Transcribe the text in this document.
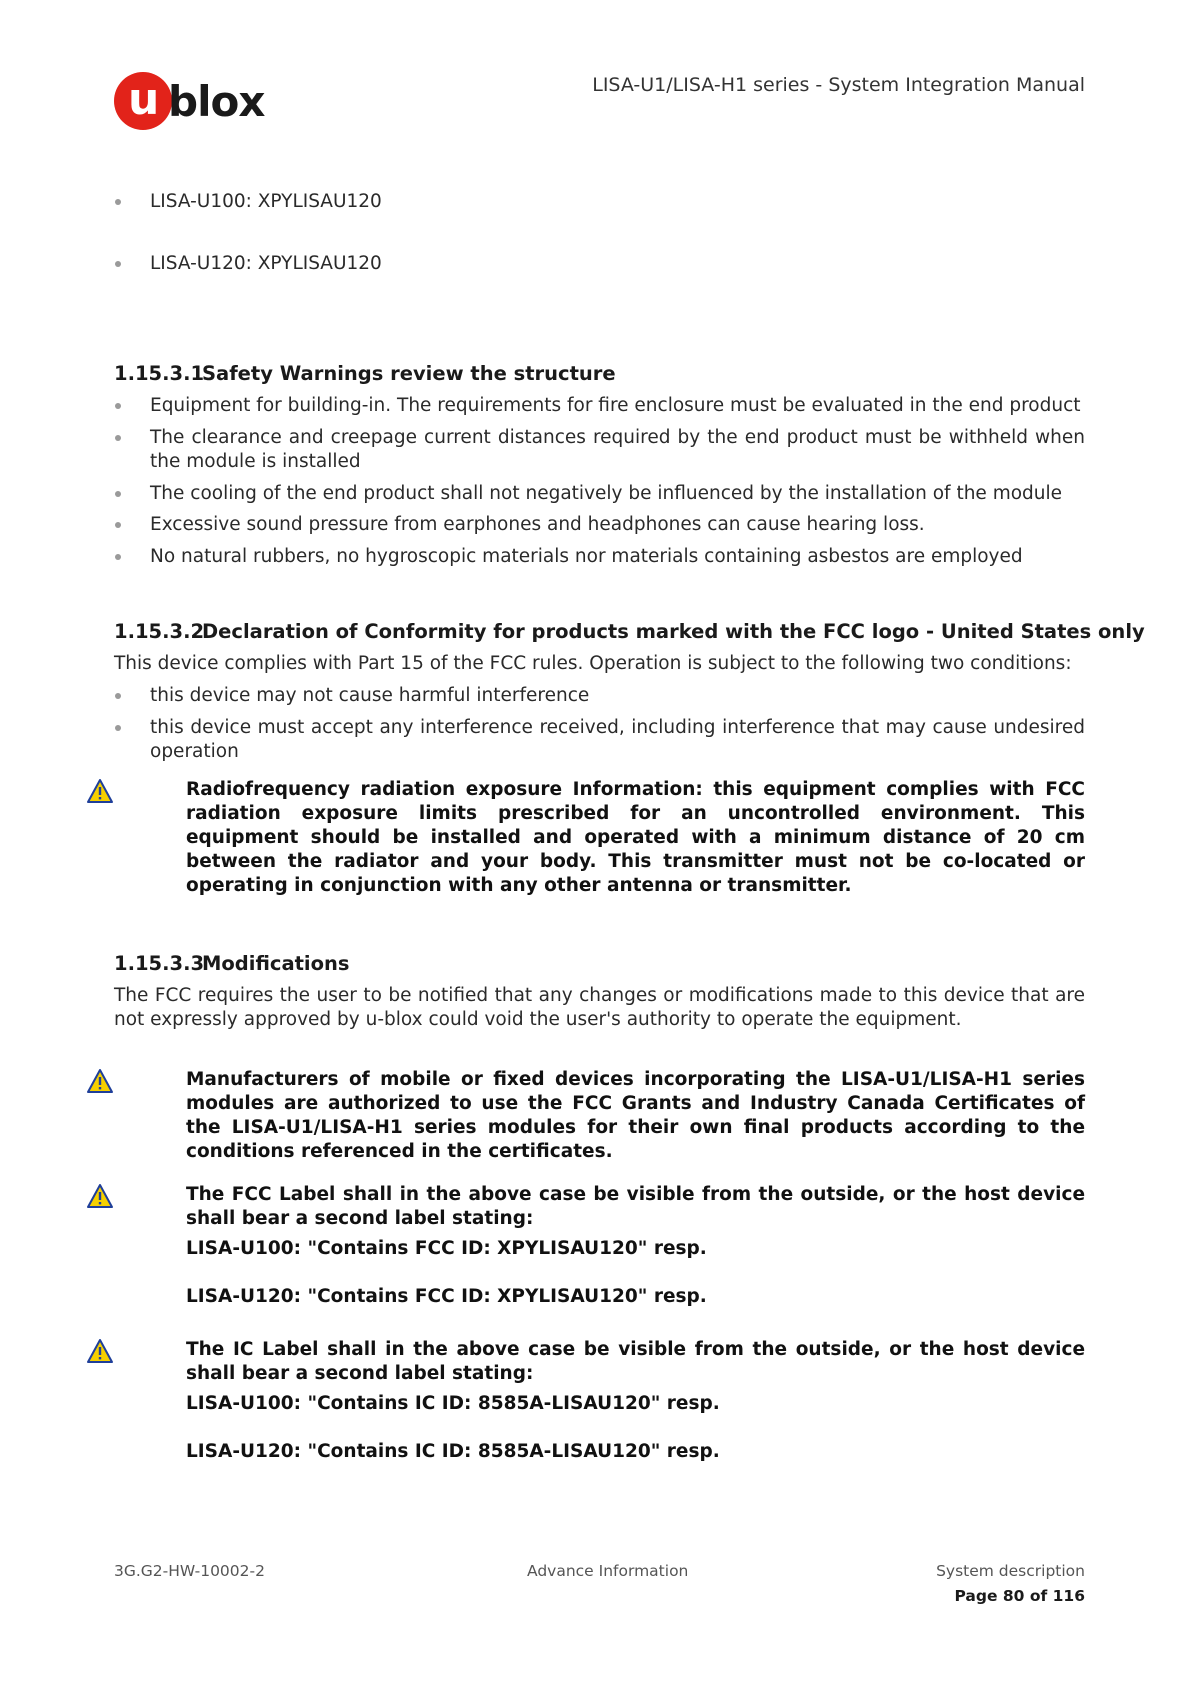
u blox	LISA-U1/LISA-H1 series - System Integration Manual
LISA-U100: XPYLISAU120
LISA-U120: XPYLISAU120
1.15.3.1Safety Warnings review the structure
Equipment for building-in. The requirements for fire enclosure must be evaluated in the end product
The clearance and creepage current distances required by the end product must be withheld when the module is installed
The cooling of the end product shall not negatively be influenced by the installation of the module
Excessive sound pressure from earphones and headphones can cause hearing loss.
No natural rubbers, no hygroscopic materials nor materials containing asbestos are employed
1.15.3.2Declaration of Conformity for products marked with the FCC logo - United States only
This device complies with Part 15 of the FCC rules. Operation is subject to the following two conditions:
this device may not cause harmful interference
this device must accept any interference received, including interference that may cause undesired operation
Radiofrequency radiation exposure Information: this equipment complies with FCC radiation exposure limits prescribed for an uncontrolled environment. This equipment should be installed and operated with a minimum distance of 20 cm between the radiator and your body. This transmitter must not be co-located or operating in conjunction with any other antenna or transmitter.
1.15.3.3Modifications
The FCC requires the user to be notified that any changes or modifications made to this device that are not expressly approved by u-blox could void the user's authority to operate the equipment.
Manufacturers of mobile or fixed devices incorporating the LISA-U1/LISA-H1 series modules are authorized to use the FCC Grants and Industry Canada Certificates of the LISA-U1/LISA-H1 series modules for their own final products according to the conditions referenced in the certificates.
The FCC Label shall in the above case be visible from the outside, or the host device shall bear a second label stating:
LISA-U100: "Contains FCC ID: XPYLISAU120" resp.
LISA-U120: "Contains FCC ID: XPYLISAU120" resp.
The IC Label shall in the above case be visible from the outside, or the host device shall bear a second label stating:
LISA-U100: "Contains IC ID: 8585A-LISAU120" resp.
LISA-U120: "Contains IC ID: 8585A-LISAU120" resp.
3G.G2-HW-10002-2	Advance Information	System description
Page 80 of 116
